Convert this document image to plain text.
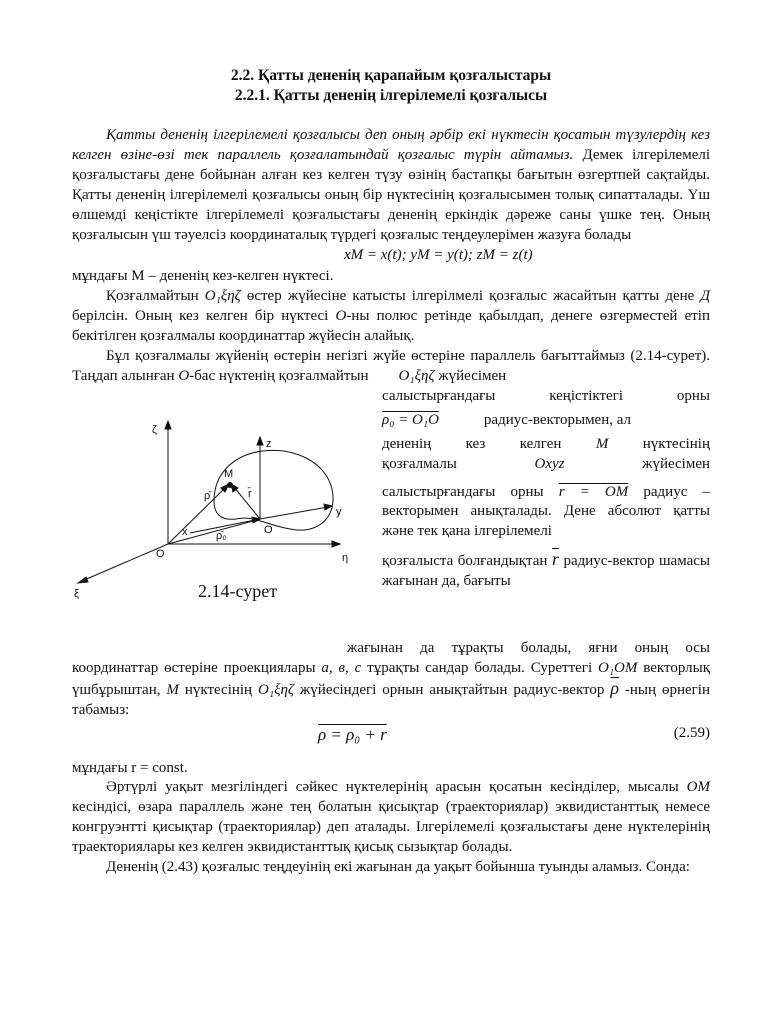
2.2. Қатты дененің қарапайым қозғалыстары
2.2.1. Қатты дененің ілгерілемелі қозғалысы

Қатты дененің ілгерілемелі қозғалысы деп оның әрбір екі нүктесін қосатын түзулердің кез келген өзіне-өзі тек параллель қозғалатындай қозғалыс түрін айтамыз. Демек ілгерілемелі қозғалыстағы дене бойынан алған кез келген түзу өзінің бастапқы бағытын өзгертпей сақтайды. Қатты дененің ілгерілемелі қозғалысы оның бір нүктесінің қозғалысымен толық сипатталады. Үш өлшемді кеңістікте ілгерілемелі қозғалыстағы дененің еркіндік дәреже саны үшке тең. Оның қозғалысын үш тәуелсіз координаталық түрдегі қозғалыс теңдеулерімен жазуға болады

xM = x(t); yM = y(t); zM = z(t)

мұндағы М – дененің кез-келген нүктесі.

Қозғалмайтын O₁ξηζ өстер жүйесіне катысты ілгерілмелі қозғалыс жасайтын қатты дене Д берілсін. Оның кез келген бір нүктесі О-ны полюс ретінде қабылдап, денеге өзгерместей етіп бекітілген қозғалмалы координаттар жүйесін алайық.

Бұл қозғалмалы жүйенің өстерін негізгі жүйе өстеріне параллель бағыттаймыз (2.14-сурет). Таңдап алынған О-бас нүктенің қозғалмайтын O₁ξηζ жүйесімен

ζ
z
y
x
η
ξ
O
O
M
ρ̄	r̄
ρ̄₀
2.14-сурет

салыстырғандағы кеңістіктегі орны

ρ₀ = O₁O	радиус-векторымен, ал

дененің кез келген М нүктесінің

қозғалмалы	Oxyz	жүйесімен

салыстырғандағы орны r = OM радиус –

векторымен анықталады. Дене абсолют қатты және тек қана ілгерілемелі

қозғалыста болғандықтан $\overline{r}$ радиус-вектор шамасы жағынан да, бағыты

жағынан да тұрақты болады, яғни оның осы координаттар өстеріне проекциялары а, в, с тұрақты сандар болады. Суреттегі O₁OM векторлық үшбұрыштан, М нүктесінің O₁ξηζ жүйесіндегі орнын анықтайтын радиус-вектор $\overline{\rho}$ -ның өрнегін табамыз:

ρ = ρ₀ + r	(2.59)

мұндағы r = const.

Әртүрлі уақыт мезгіліндегі сәйкес нүктелерінің арасын қосатын кесінділер, мысалы ОМ кесіндісі, өзара параллель және тең болатын қисықтар (траекториялар) эквидистанттық немесе конгруэнтті қисықтар (траекториялар) деп аталады. Ілгерілемелі қозғалыстағы дене нүктелерінің траекториялары кез келген эквидистанттық қисық сызықтар болады.

Дененің (2.43) қозғалыс теңдеуінің екі жағынан да уақыт бойынша туынды аламыз. Сонда:
